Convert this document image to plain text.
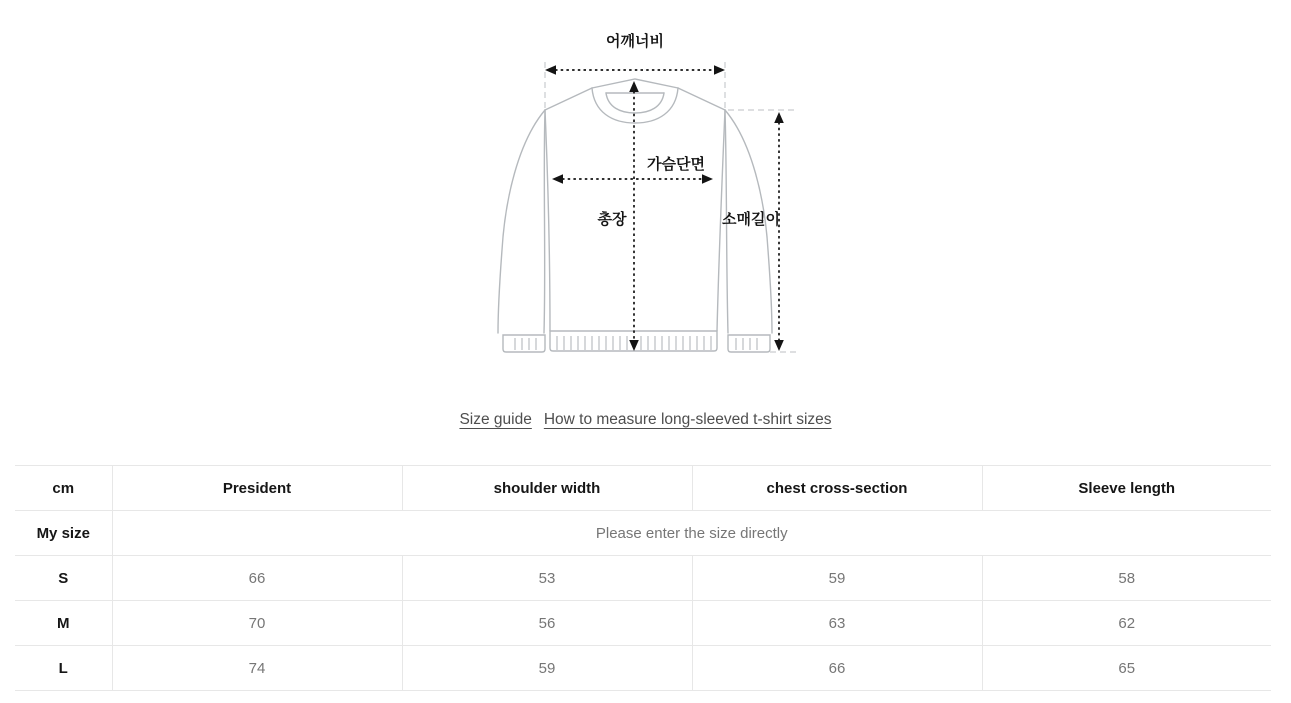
어깨너비
가슴단면
총장	소매길이
Size guide How to measure long-sleeved t-shirt sizes
cm	President	shoulder width	chest cross-section	Sleeve length
My size	Please enter the size directly			
S	66	53	59	58
M	70	56	63	62
L	74	59	66	65
